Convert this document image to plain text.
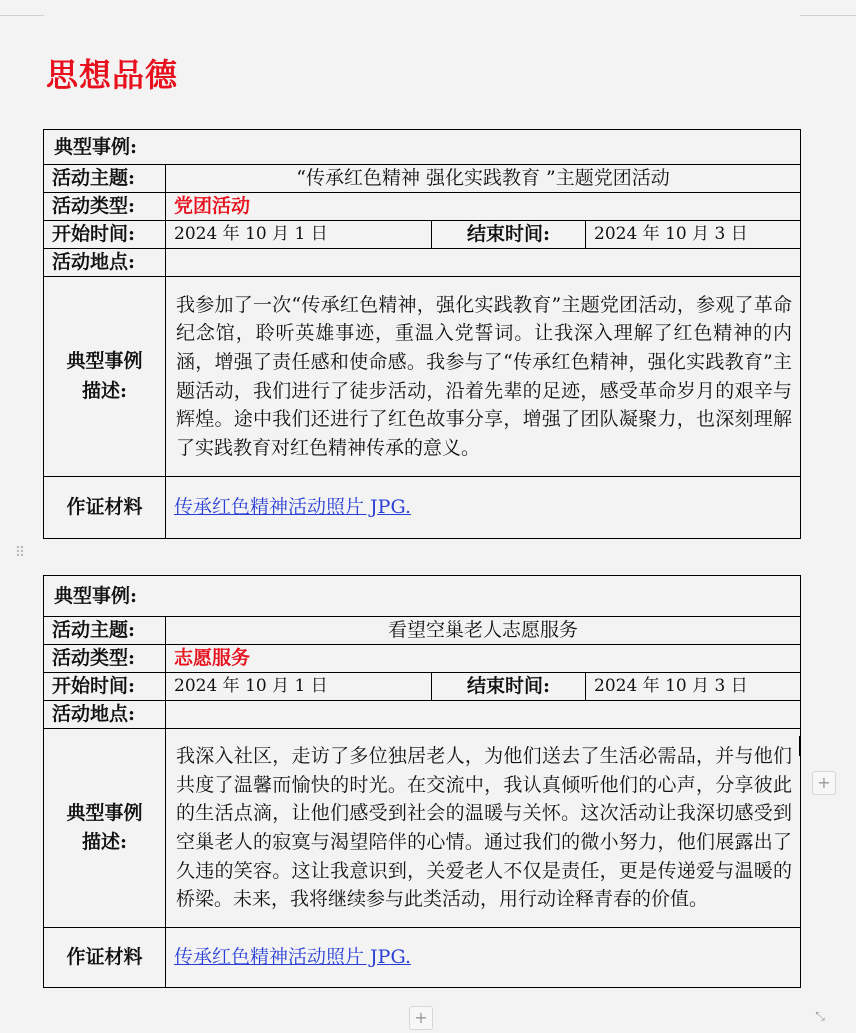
思想品德
典型事例:			
活动主题:	“传承红色精神 强化实践教育 ”主题党团活动		
活动类型:	党团活动		
开始时间:	2024 年 10 月 1 日	结束时间:	2024 年 10 月 3 日
活动地点:			
典型事例
描述:	我参加了一次“传承红色精神，强化实践教育”主题党团活动，参观了革命纪念馆，聆听英雄事迹，重温入党誓词。让我深入理解了红色精神的内涵，增强了责任感和使命感。我参与了“传承红色精神，强化实践教育”主题活动，我们进行了徒步活动，沿着先辈的足迹，感受革命岁月的艰辛与辉煌。途中我们还进行了红色故事分享，增强了团队凝聚力，也深刻理解了实践教育对红色精神传承的意义。		
作证材料	传承红色精神活动照片 JPG.		
⠿
典型事例:			
活动主题:	看望空巢老人志愿服务		
活动类型:	志愿服务		
开始时间:	2024 年 10 月 1 日	结束时间:	2024 年 10 月 3 日
活动地点:			
典型事例
描述:	我深入社区，走访了多位独居老人，为他们送去了生活必需品，并与他们共度了温馨而愉快的时光。在交流中，我认真倾听他们的心声，分享彼此的生活点滴，让他们感受到社会的温暖与关怀。这次活动让我深切感受到空巢老人的寂寞与渴望陪伴的心情。通过我们的微小努力，他们展露出了久违的笑容。这让我意识到，关爱老人不仅是责任，更是传递爱与温暖的桥梁。未来，我将继续参与此类活动，用行动诠释青春的价值。		
作证材料	传承红色精神活动照片 JPG.		
+
+	⤡
